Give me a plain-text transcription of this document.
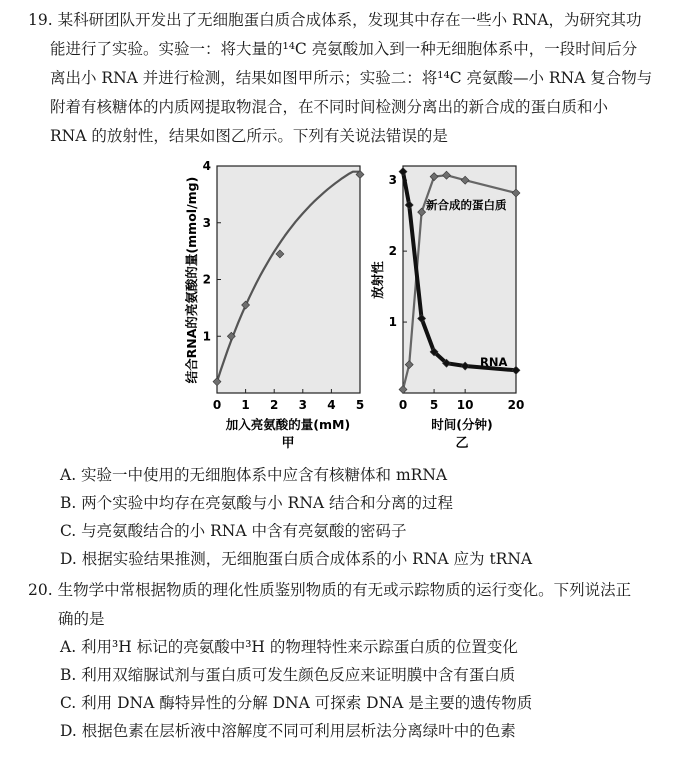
19. 某科研团队开发出了无细胞蛋白质合成体系，发现其中存在一些小 RNA，为研究其功
能进行了实验。实验一：将大量的¹⁴C 亮氨酸加入到一种无细胞体系中，一段时间后分
离出小 RNA 并进行检测，结果如图甲所示；实验二：将¹⁴C 亮氨酸—小 RNA 复合物与
附着有核糖体的内质网提取物混合，在不同时间检测分离出的新合成的蛋白质和小
RNA 的放射性，结果如图乙所示。下列有关说法错误的是
结合RNA的亮氨酸的量(mmol/mg)
加入亮氨酸的量(mM)
甲
0 1 2 3 4 5
1
2
3
4
放射性
时间(分钟)
乙
新合成的蛋白质
RNA
0 5 10	20
1
2
3
A. 实验一中使用的无细胞体系中应含有核糖体和 mRNA
B. 两个实验中均存在亮氨酸与小 RNA 结合和分离的过程
C. 与亮氨酸结合的小 RNA 中含有亮氨酸的密码子
D. 根据实验结果推测，无细胞蛋白质合成体系的小 RNA 应为 tRNA
20. 生物学中常根据物质的理化性质鉴别物质的有无或示踪物质的运行变化。下列说法正
确的是
A. 利用³H 标记的亮氨酸中³H 的物理特性来示踪蛋白质的位置变化
B. 利用双缩脲试剂与蛋白质可发生颜色反应来证明膜中含有蛋白质
C. 利用 DNA 酶特异性的分解 DNA 可探索 DNA 是主要的遗传物质
D. 根据色素在层析液中溶解度不同可利用层析法分离绿叶中的色素
